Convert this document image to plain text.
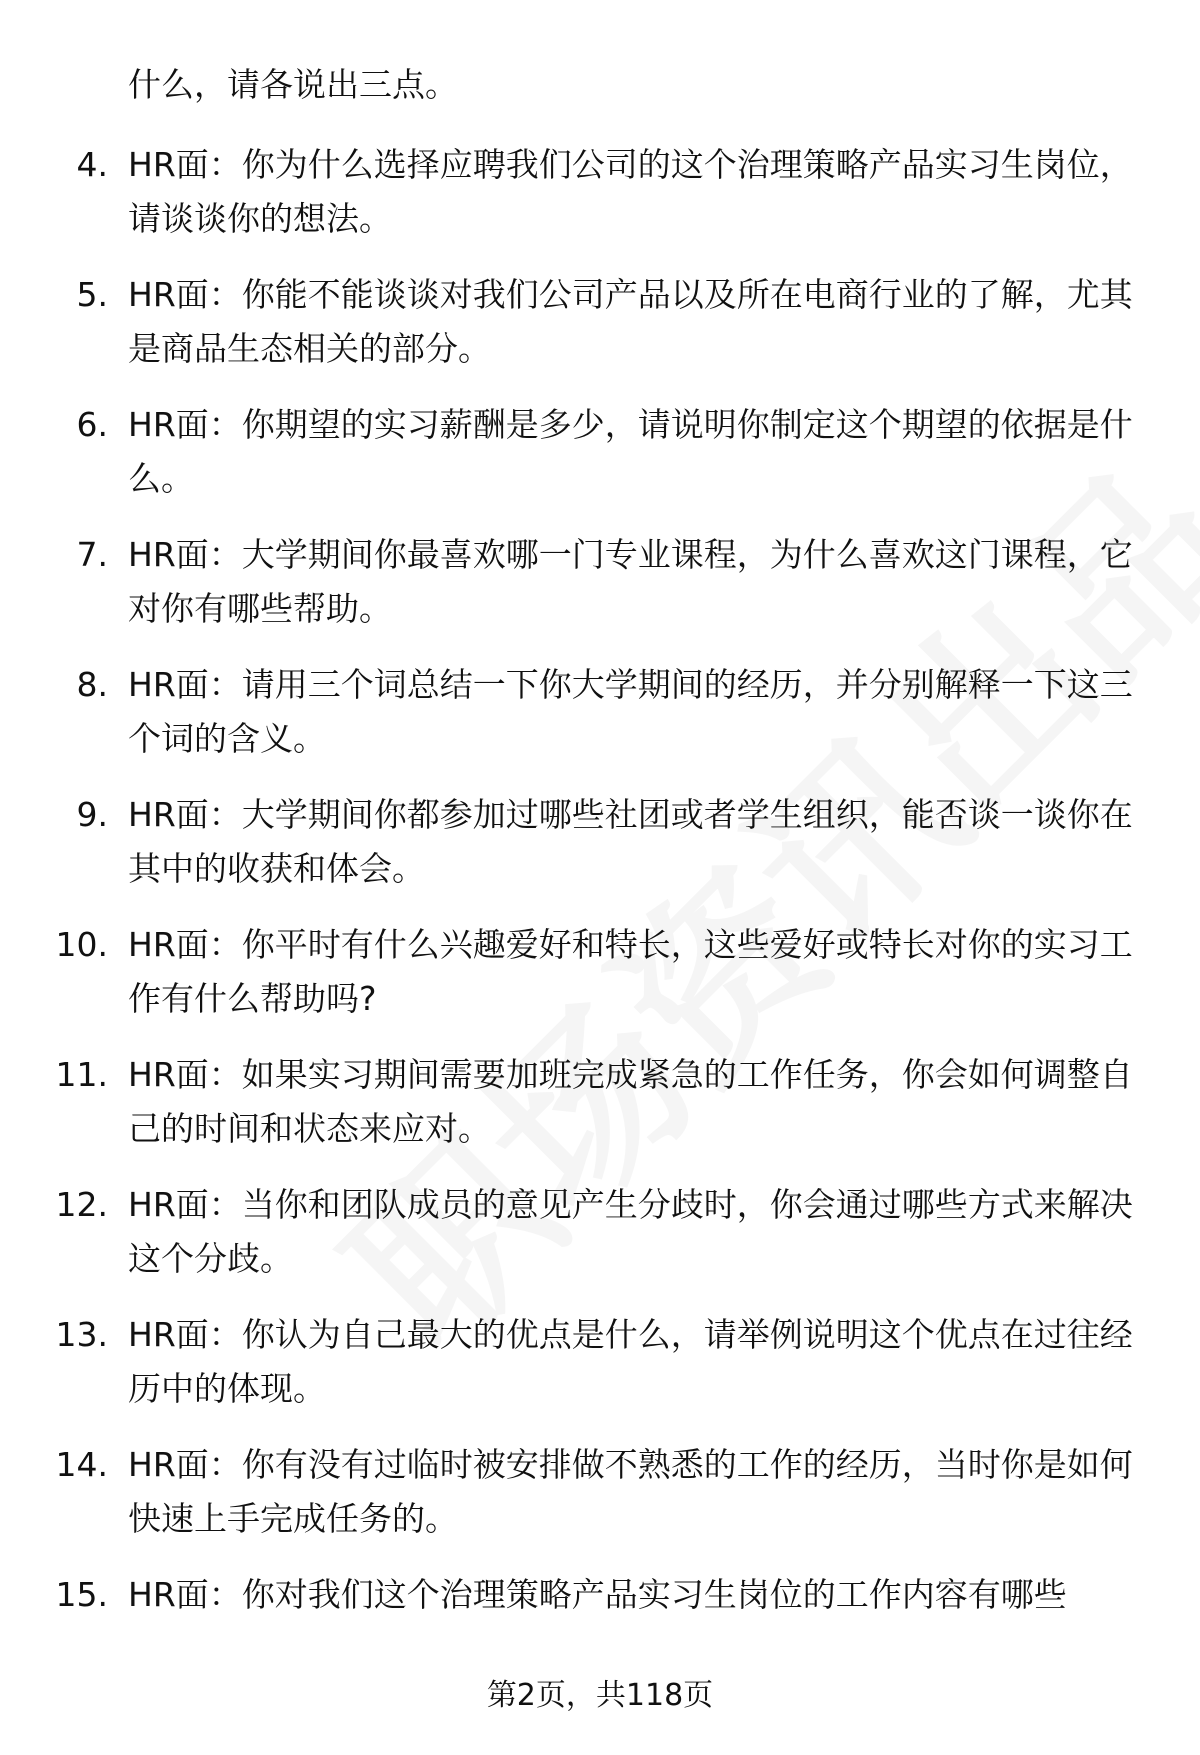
什么，请各说出三点。
4. HR面：你为什么选择应聘我们公司的这个治理策略产品实习生岗位，请谈谈你的想法。
5. HR面：你能不能谈谈对我们公司产品以及所在电商行业的了解，尤其是商品生态相关的部分。
6. HR面：你期望的实习薪酬是多少，请说明你制定这个期望的依据是什么。
7. HR面：大学期间你最喜欢哪一门专业课程，为什么喜欢这门课程，它对你有哪些帮助。
8. HR面：请用三个词总结一下你大学期间的经历，并分别解释一下这三个词的含义。
9. HR面：大学期间你都参加过哪些社团或者学生组织，能否谈一谈你在其中的收获和体会。
10. HR面：你平时有什么兴趣爱好和特长，这些爱好或特长对你的实习工作有什么帮助吗?
11. HR面：如果实习期间需要加班完成紧急的工作任务，你会如何调整自己的时间和状态来应对。
12. HR面：当你和团队成员的意见产生分歧时，你会通过哪些方式来解决这个分歧。
13. HR面：你认为自己最大的优点是什么，请举例说明这个优点在过往经历中的体现。
14. HR面：你有没有过临时被安排做不熟悉的工作的经历，当时你是如何快速上手完成任务的。
15. HR面：你对我们这个治理策略产品实习生岗位的工作内容有哪些
第2页，共118页
